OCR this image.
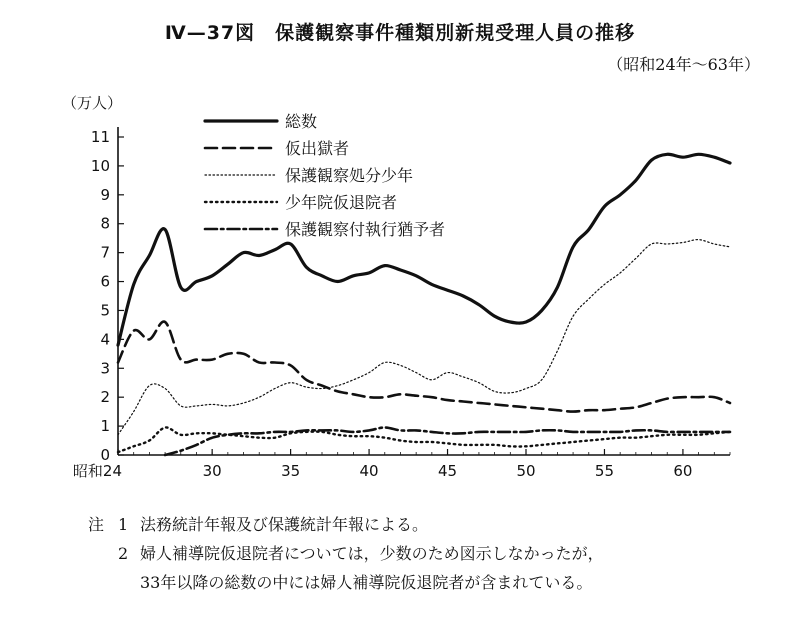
Ⅳ—37図　保護観察事件種類別新規受理人員の推移
（昭和24年〜63年）
（万人）
0
1
2
3
4
5
6
7
8
9
10
11
昭和24	30	35	40	45	50	55	60
総数
仮出獄者
保護観察処分少年
少年院仮退院者
保護観察付執行猶予者
注 1 法務統計年報及び保護統計年報による。
2 婦人補導院仮退院者については，少数のため図示しなかったが，
33年以降の総数の中には婦人補導院仮退院者が含まれている。
